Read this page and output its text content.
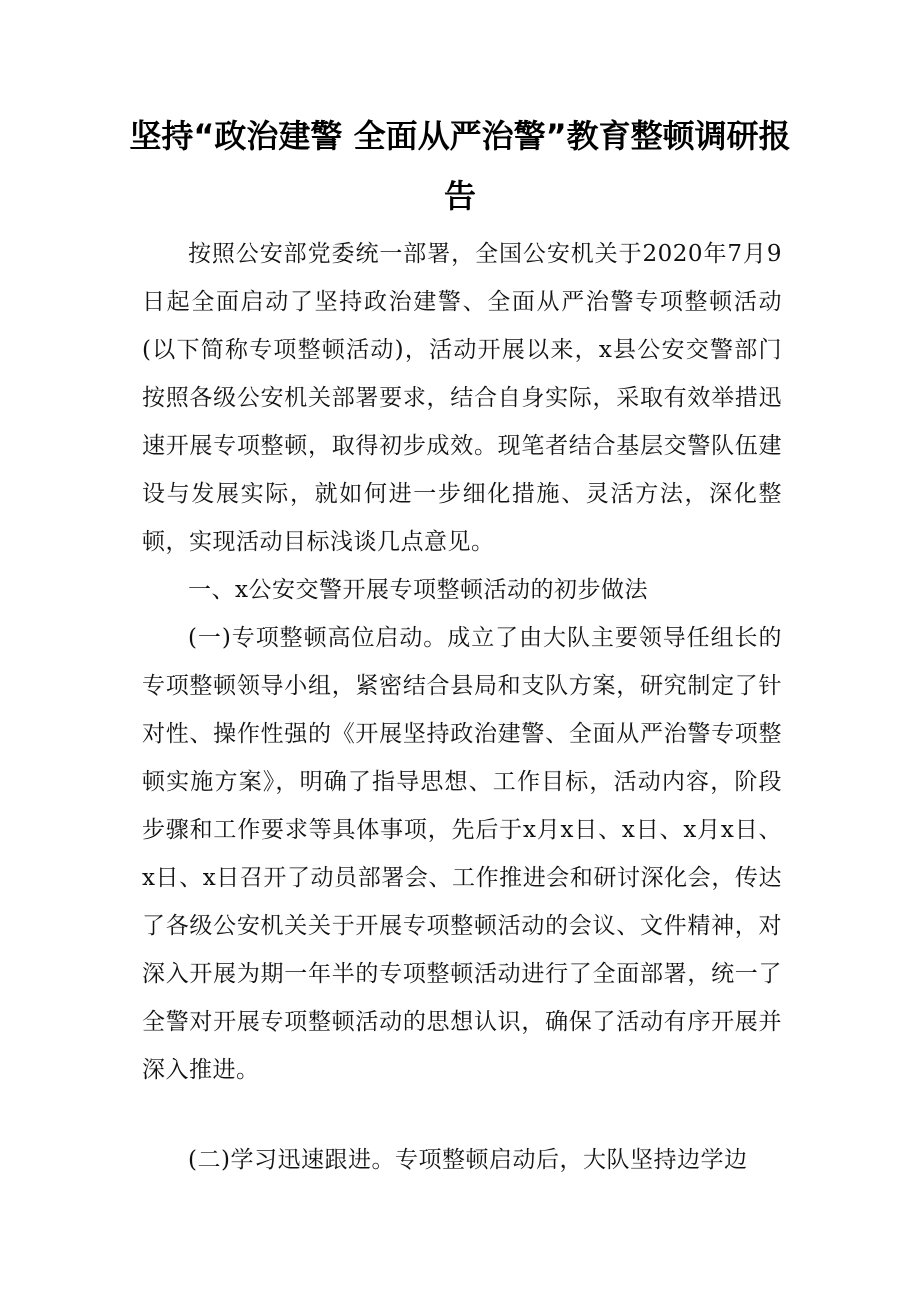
坚持“政治建警 全面从严治警”教育整顿调研报告

按照公安部党委统一部署，全国公安机关于2020年7月9日起全面启动了坚持政治建警、全面从严治警专项整顿活动(以下简称专项整顿活动)，活动开展以来，x县公安交警部门按照各级公安机关部署要求，结合自身实际，采取有效举措迅速开展专项整顿，取得初步成效。现笔者结合基层交警队伍建设与发展实际，就如何进一步细化措施、灵活方法，深化整顿，实现活动目标浅谈几点意见。

一、x公安交警开展专项整顿活动的初步做法

(一)专项整顿高位启动。成立了由大队主要领导任组长的专项整顿领导小组，紧密结合县局和支队方案，研究制定了针对性、操作性强的《开展坚持政治建警、全面从严治警专项整顿实施方案》，明确了指导思想、工作目标，活动内容，阶段步骤和工作要求等具体事项，先后于x月x日、x日、x月x日、x日、x日召开了动员部署会、工作推进会和研讨深化会，传达了各级公安机关关于开展专项整顿活动的会议、文件精神，对深入开展为期一年半的专项整顿活动进行了全面部署，统一了全警对开展专项整顿活动的思想认识，确保了活动有序开展并深入推进。

(二)学习迅速跟进。专项整顿启动后，大队坚持边学边
